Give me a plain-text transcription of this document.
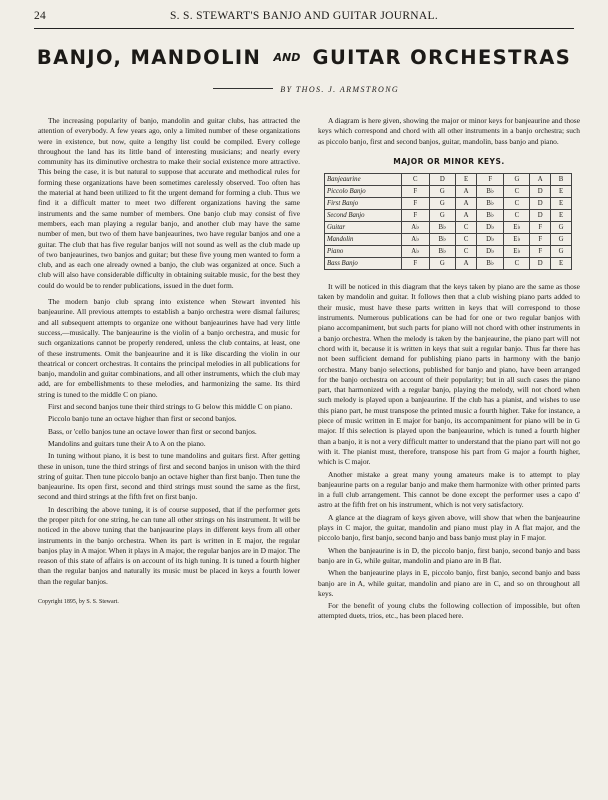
24	S. S. STEWART'S BANJO AND GUITAR JOURNAL.
BANJO, MANDOLIN AND GUITAR ORCHESTRAS
BY THOS. J. ARMSTRONG

The increasing popularity of banjo, mandolin and guitar clubs, has attracted the attention of everybody. A few years ago, only a limited number of these organizations were in existence, but now, quite a lengthy list could be compiled. Every college throughout the land has its little band of interesting musicians; and nearly every community has its diminutive orchestra to make their social existence more attractive. This being the case, it is but natural to suppose that accurate and methodical rules for forming these organizations have been sometimes carelessly observed. Too often has the material at hand been utilized to fit the urgent demand for forming a club. Thus we find it a difficult matter to meet two different organizations having the same instruments and the same number of members. One banjo club may consist of five members, each man playing a regular banjo, and another club may have the same number of men, but two of them have banjeaurines, two have regular banjos and one a guitar. The club that has five regular banjos will not sound as well as the club made up of two banjeaurines, two banjos and guitar; but these five young men wanted to form a club, and as each one already owned a banjo, the club was organized at once. Such a club will also have considerable difficulty in obtaining suitable music, for the best they could do would be to render publications, issued in the duet form.

The modern banjo club sprang into existence when Stewart invented his banjeaurine. All previous attempts to establish a banjo orchestra were dismal failures; and all subsequent attempts to organize one without banjeaurines have had very little success,—musically. The banjeaurine is the violin of a banjo orchestra, and music for such organizations cannot be properly rendered, unless the club contains, at least, one of these instruments. Omit the banjeaurine and it is like discarding the violin in our theatrical or concert orchestras. It contains the principal melodies in all publications for banjo, mandolin and guitar combinations, and all other instruments, which the club may add, are for embellishments to these melodies, and harmonizing the same. Its third string is tuned to the middle C on piano.

First and second banjos tune their third strings to G below this middle C on piano.

Piccolo banjo tune an octave higher than first or second banjos.

Bass, or 'cello banjos tune an octave lower than first or second banjos.

Mandolins and guitars tune their A to A on the piano.

In tuning without piano, it is best to tune mandolins and guitars first. After getting these in unison, tune the third strings of first and second banjos in unison with the third string of guitar. Then tune piccolo banjo an octave higher than first banjo. Then tune the banjeaurine. Its open first, second and third strings must sound the same as the first, second and third strings at the fifth fret on first banjo.

In describing the above tuning, it is of course supposed, that if the performer gets the proper pitch for one string, he can tune all other strings on his instrument. It will be noticed in the above tuning that the banjeaurine plays in different keys from all other instruments in the banjo orchestra. When its part is written in E major, the regular banjos play in A major. When it plays in A major, the regular banjos are in D major. The reason of this state of affairs is on account of its high tuning. It is tuned a fourth higher than the regular banjos and naturally its music must be placed in keys a fourth lower than the regular banjos.

Copyright 1895, by S. S. Stewart.

A diagram is here given, showing the major or minor keys for banjeaurine and those keys which correspond and chord with all other instruments in a banjo orchestra; such as piccolo banjo, first and second banjos, guitar, mandolin, bass banjo and piano.

MAJOR OR MINOR KEYS.
Banjeaurine	C	D	E	F	G	A	B
Piccolo Banjo	F	G	A	B♭	C	D	E
First Banjo	F	G	A	B♭	C	D	E
Second Banjo	F	G	A	B♭	C	D	E
Guitar	A♭	B♭	C	D♭	E♭	F	G
Mandolin	A♭	B♭	C	D♭	E♭	F	G
Piano	A♭	B♭	C	D♭	E♭	F	G
Bass Banjo	F	G	A	B♭	C	D	E

It will be noticed in this diagram that the keys taken by piano are the same as those taken by mandolin and guitar. It follows then that a club wishing piano parts added to their music, must have these parts written in keys that will correspond to those instruments. Numerous publications can be had for one or two regular banjos with piano accompaniment, but such parts for piano will not chord with other instruments in a banjo orchestra. When the melody is taken by the banjeaurine, the piano part will not chord with it, because it is written in keys that suit a regular banjo. Thus far there has not been sufficient demand for publishing piano parts in harmony with the banjo orchestra. Many banjo selections, published for banjo and piano, have been arranged for the banjo orchestra on account of their popularity; but in all such cases the piano part, that harmonized with a regular banjo, playing the melody, will not chord when such melody is played upon a banjeaurine. If the club has a pianist, and wishes to use this piano part, he must transpose the printed music a fourth higher. Take for instance, a piece of music written in E major for banjo, its accompaniment for piano will be in G major. If this selection is played upon the banjeaurine, which is tuned a fourth higher than a banjo, it is not a very difficult matter to understand that the piano part will not go with it. The pianist must, therefore, transpose his part from G major a fourth higher, which is C major.

Another mistake a great many young amateurs make is to attempt to play banjeaurine parts on a regular banjo and make them harmonize with other printed parts in a full club arrangement. This cannot be done except the performer uses a capo d' astro at the fifth fret on his instrument, which is not very satisfactory.

A glance at the diagram of keys given above, will show that when the banjeaurine plays in C major, the guitar, mandolin and piano must play in A flat major, and the piccolo banjo, first banjo, second banjo and bass banjo must play in F major.

When the banjeaurine is in D, the piccolo banjo, first banjo, second banjo and bass banjo are in G, while guitar, mandolin and piano are in B flat.

When the banjeaurine plays in E, piccolo banjo, first banjo, second banjo and bass banjo are in A, while guitar, mandolin and piano are in C, and so on throughout all keys.

For the benefit of young clubs the following collection of impossible, but often attempted duets, trios, etc., has been placed here.
